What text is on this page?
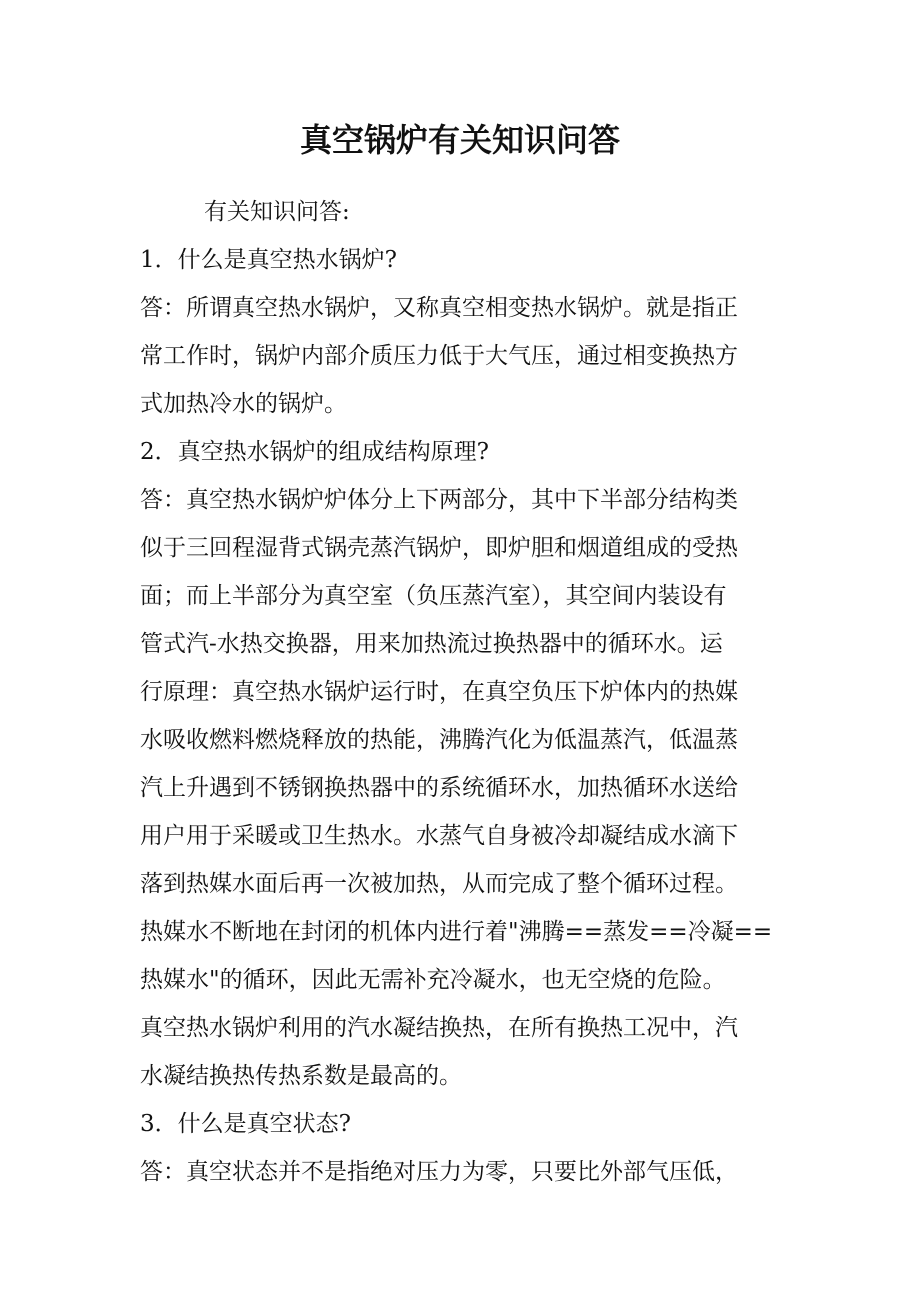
真空锅炉有关知识问答
有关知识问答:
1．什么是真空热水锅炉?
答：所谓真空热水锅炉，又称真空相变热水锅炉。就是指正
常工作时，锅炉内部介质压力低于大气压，通过相变换热方
式加热冷水的锅炉。
2．真空热水锅炉的组成结构原理?
答：真空热水锅炉炉体分上下两部分，其中下半部分结构类
似于三回程湿背式锅壳蒸汽锅炉，即炉胆和烟道组成的受热
面；而上半部分为真空室（负压蒸汽室），其空间内装设有
管式汽-水热交换器，用来加热流过换热器中的循环水。运
行原理：真空热水锅炉运行时，在真空负压下炉体内的热媒
水吸收燃料燃烧释放的热能，沸腾汽化为低温蒸汽，低温蒸
汽上升遇到不锈钢换热器中的系统循环水，加热循环水送给
用户用于采暖或卫生热水。水蒸气自身被冷却凝结成水滴下
落到热媒水面后再一次被加热，从而完成了整个循环过程。
热媒水不断地在封闭的机体内进行着"沸腾==蒸发==冷凝==
热媒水"的循环，因此无需补充冷凝水，也无空烧的危险。
真空热水锅炉利用的汽水凝结换热，在所有换热工况中，汽
水凝结换热传热系数是最高的。
3．什么是真空状态?
答：真空状态并不是指绝对压力为零，只要比外部气压低，
